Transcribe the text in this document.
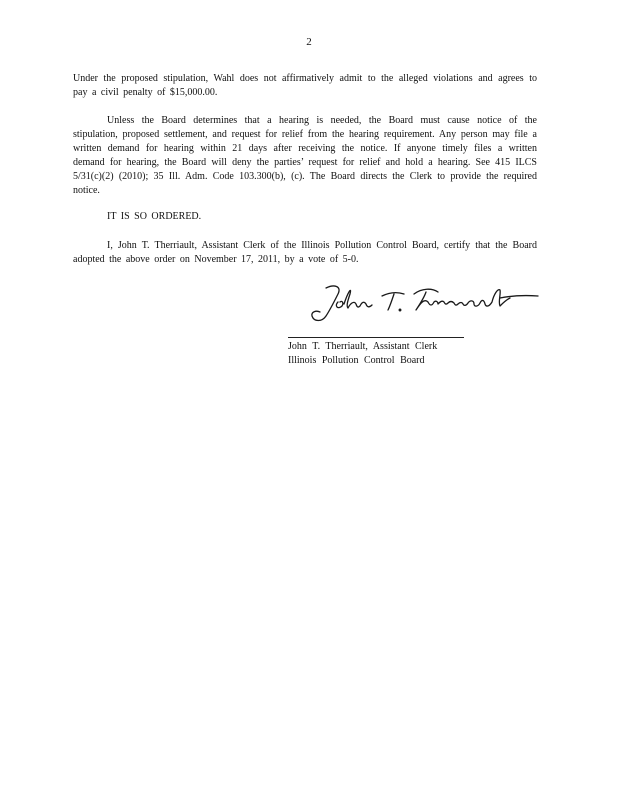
2

Under the proposed stipulation, Wahl does not affirmatively admit to the alleged violations and agrees to pay a civil penalty of $15,000.00.

Unless the Board determines that a hearing is needed, the Board must cause notice of the stipulation, proposed settlement, and request for relief from the hearing requirement. Any person may file a written demand for hearing within 21 days after receiving the notice. If anyone timely files a written demand for hearing, the Board will deny the parties’ request for relief and hold a hearing. See 415 ILCS 5/31(c)(2) (2010); 35 Ill. Adm. Code 103.300(b), (c). The Board directs the Clerk to provide the required notice.

IT IS SO ORDERED.

I, John T. Therriault, Assistant Clerk of the Illinois Pollution Control Board, certify that the Board adopted the above order on November 17, 2011, by a vote of 5-0.

John T. Therriault, Assistant Clerk
Illinois Pollution Control Board
